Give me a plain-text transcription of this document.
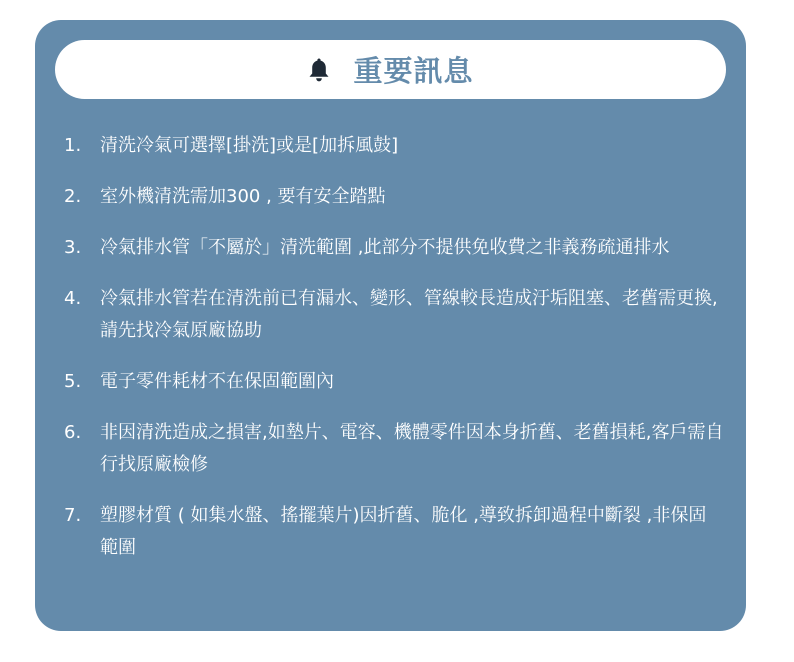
重要訊息
1.	清洗冷氣可選擇[掛洗]或是[加拆風鼓]
2.	室外機清洗需加300 , 要有安全踏點
3.	冷氣排水管「不屬於」清洗範圍 ,此部分不提供免收費之非義務疏通排水
4.	冷氣排水管若在清洗前已有漏水、變形、管線較長造成汙垢阻塞、老舊需更換,請先找冷氣原廠協助
5.	電子零件耗材不在保固範圍內
6.	非因清洗造成之損害,如墊片、電容、機體零件因本身折舊、老舊損耗,客戶需自行找原廠檢修
7.	塑膠材質 ( 如集水盤、搖擺葉片)因折舊、脆化 ,導致拆卸過程中斷裂 ,非保固範圍
